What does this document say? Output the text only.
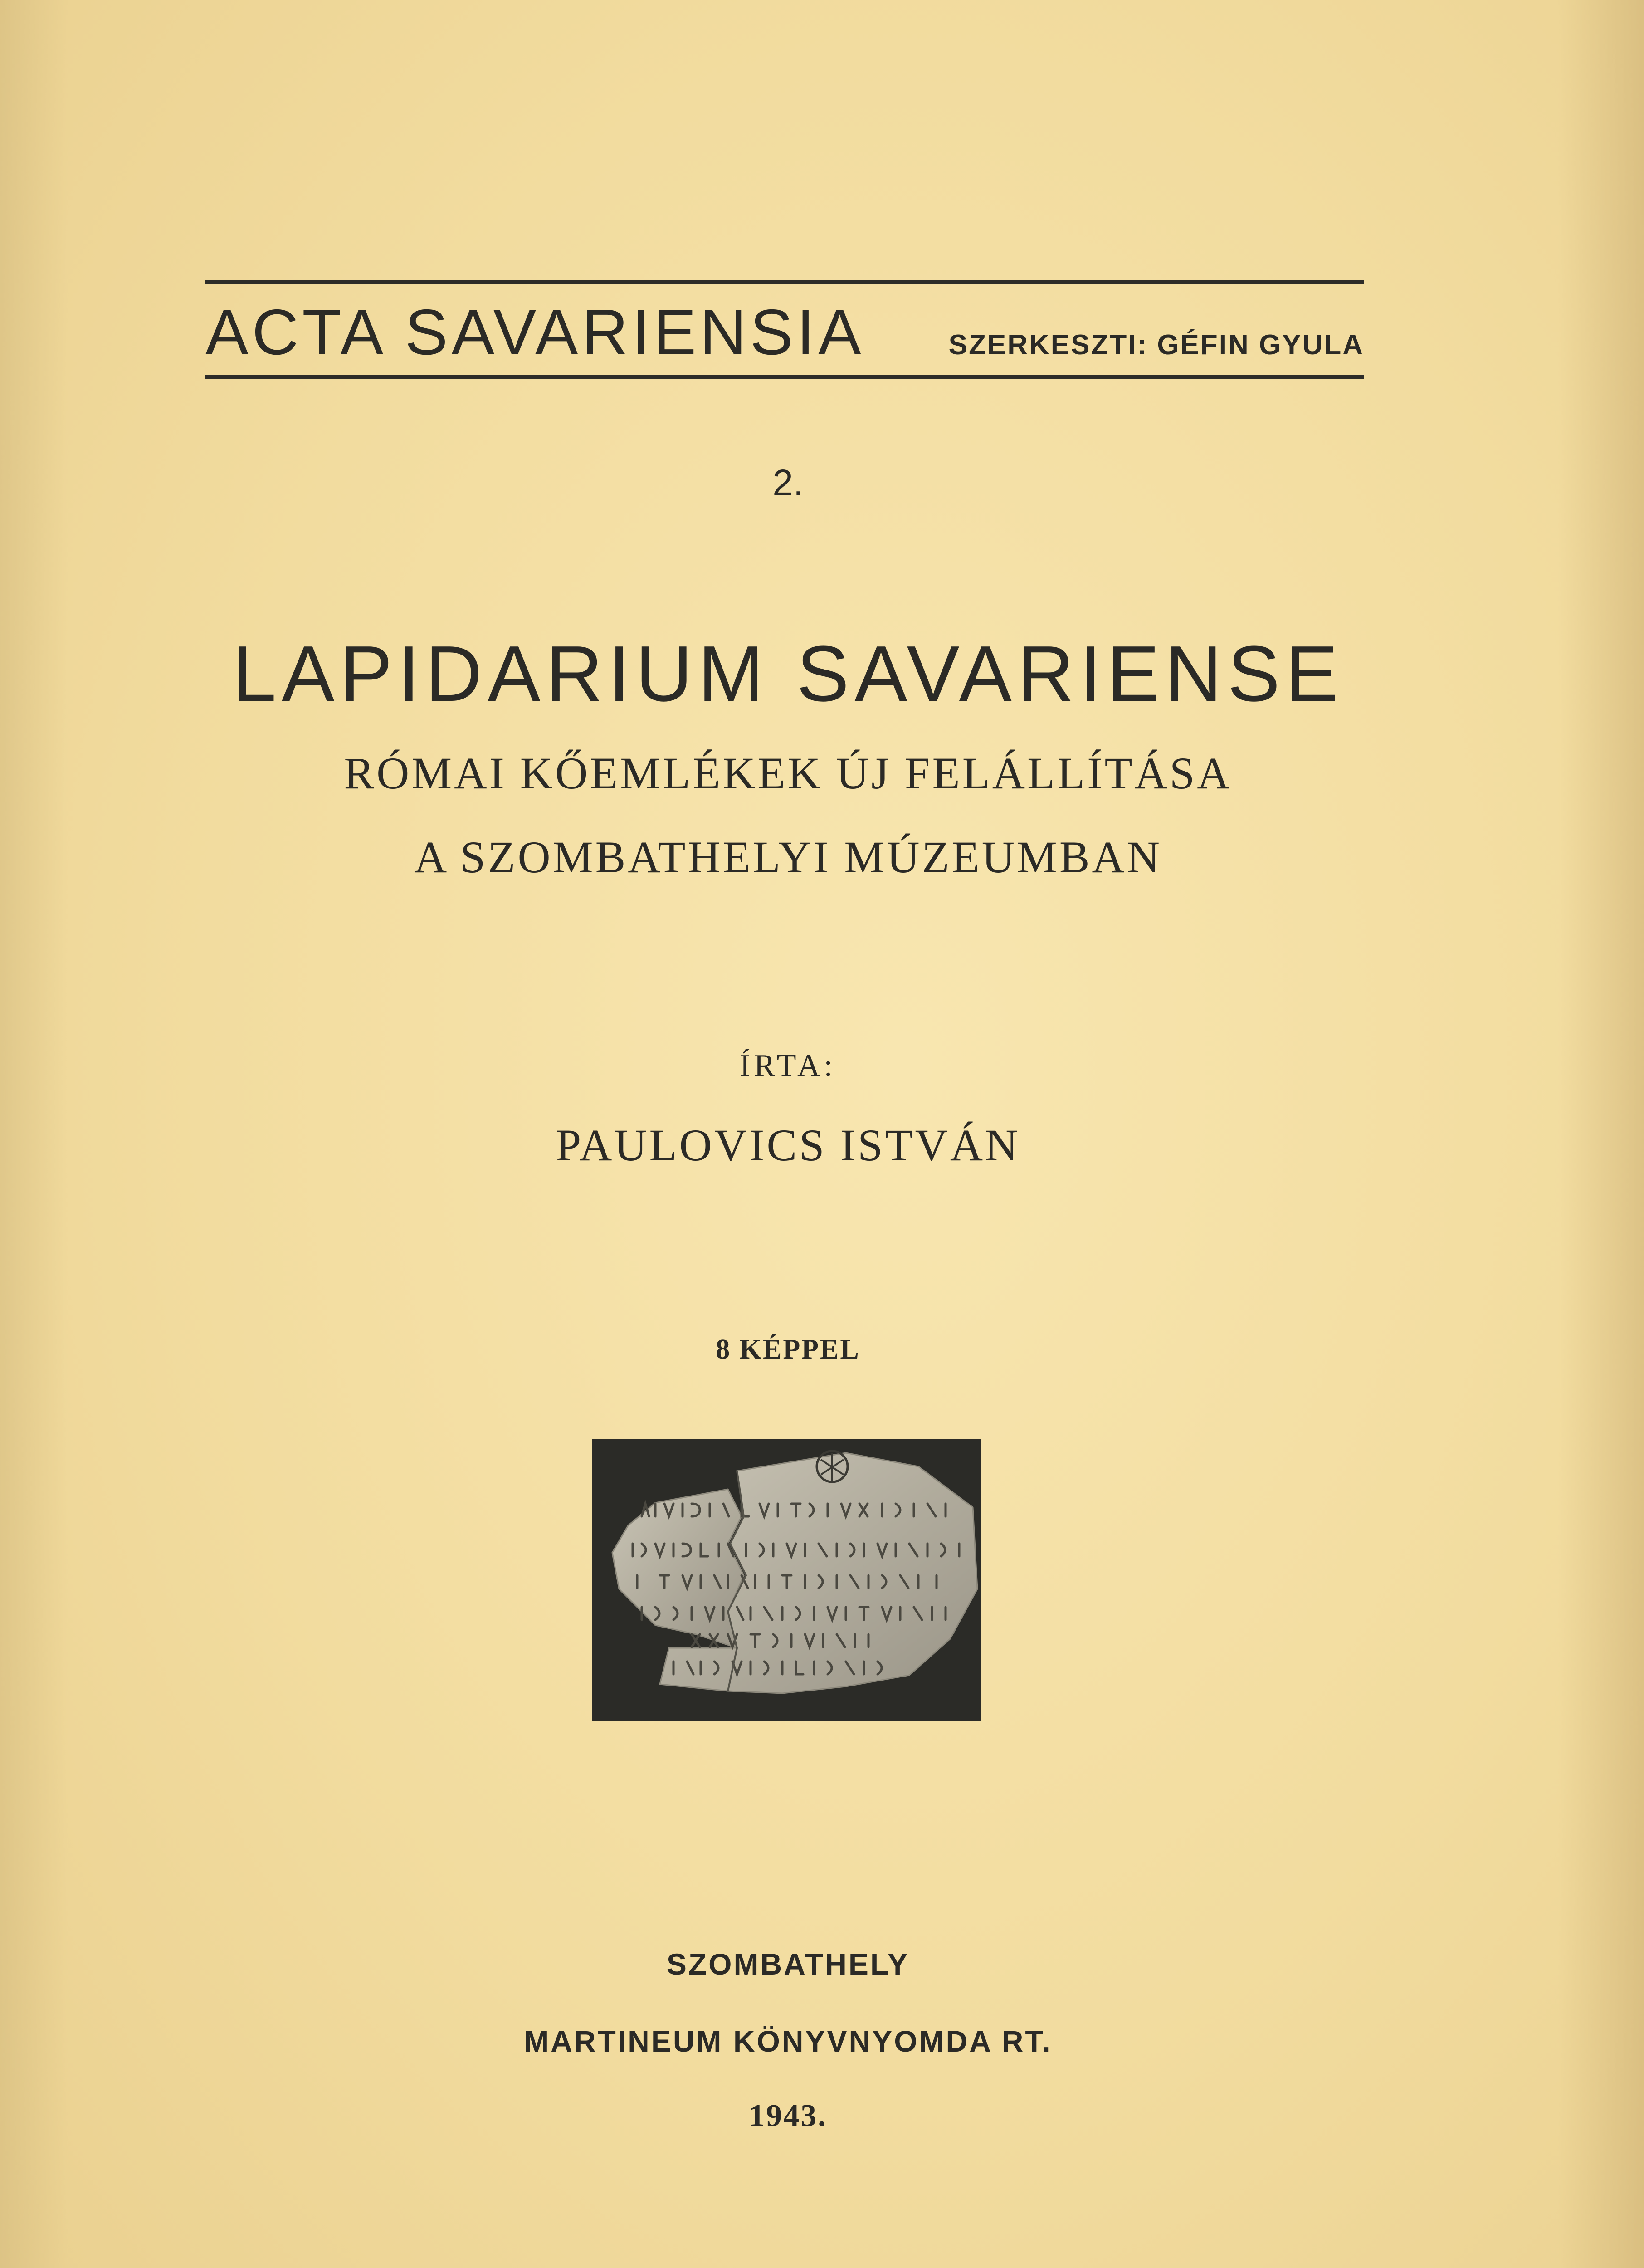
ACTA SAVARIENSIA	SZERKESZTI: GÉFIN GYULA
2.
LAPIDARIUM SAVARIENSE
RÓMAI KŐEMLÉKEK ÚJ FELÁLLÍTÁSA
A SZOMBATHELYI MÚZEUMBAN
ÍRTA:
PAULOVICS ISTVÁN
8 KÉPPEL
SZOMBATHELY
MARTINEUM KÖNYVNYOMDA RT.
1943.
